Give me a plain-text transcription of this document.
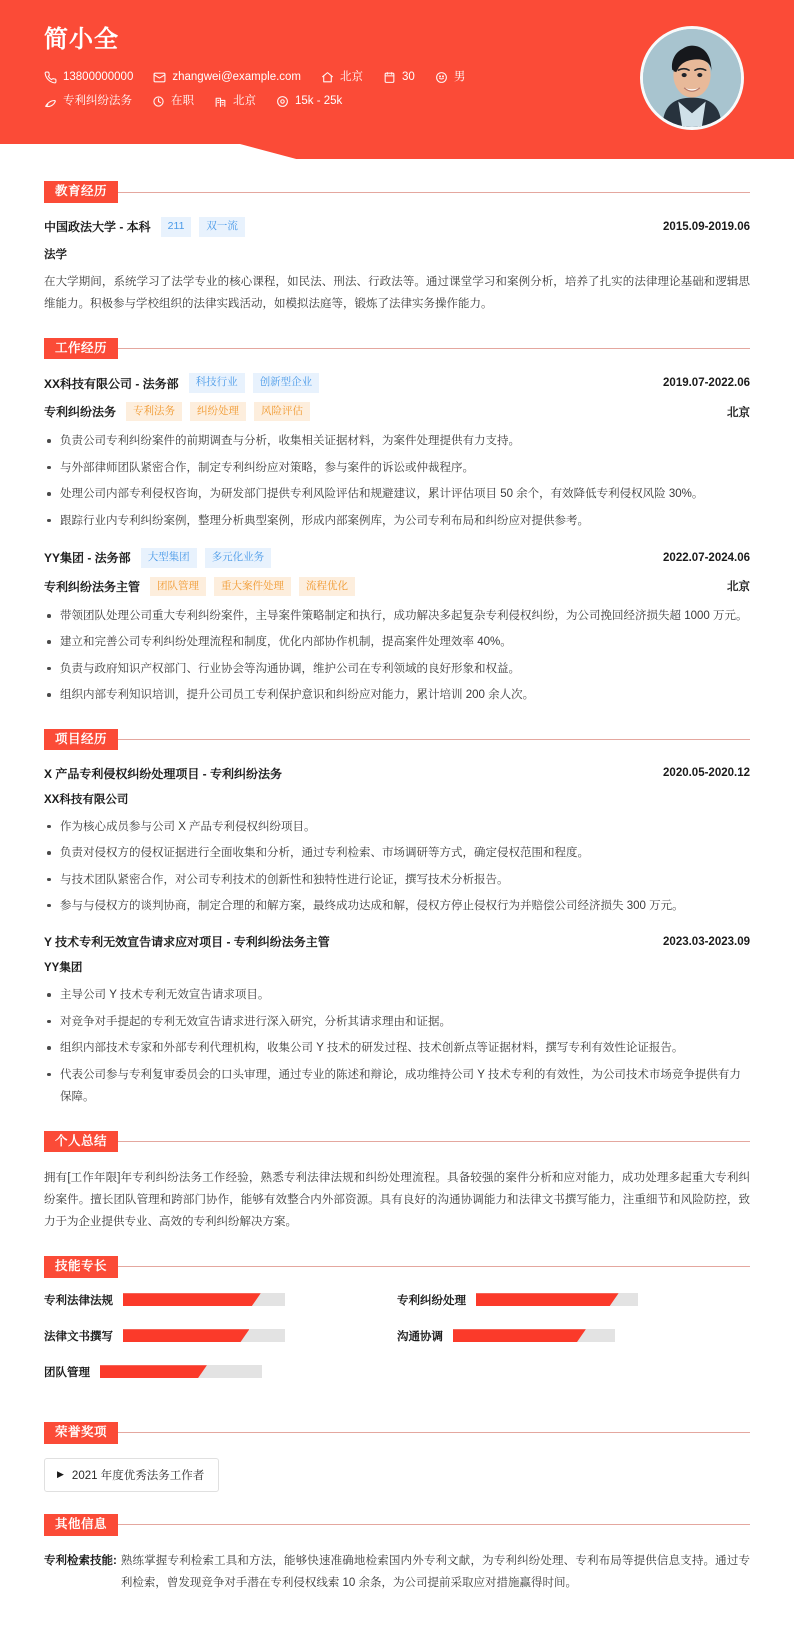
简小全
13800000000	zhangwei@example.com	北京	30	男
专利纠纷法务	在职	北京	15k - 25k
教育经历
中国政法大学 - 本科	211	双一流	2015.09-2019.06
法学
在大学期间，系统学习了法学专业的核心课程，如民法、刑法、行政法等。通过课堂学习和案例分析，培养了扎实的法律理论基础和逻辑思维能力。积极参与学校组织的法律实践活动，如模拟法庭等，锻炼了法律实务操作能力。
工作经历
XX科技有限公司 - 法务部	科技行业	创新型企业	2019.07-2022.06
专利纠纷法务	专利法务	纠纷处理	风险评估	北京
负责公司专利纠纷案件的前期调查与分析，收集相关证据材料，为案件处理提供有力支持。
与外部律师团队紧密合作，制定专利纠纷应对策略，参与案件的诉讼或仲裁程序。
处理公司内部专利侵权咨询，为研发部门提供专利风险评估和规避建议，累计评估项目 50 余个，有效降低专利侵权风险 30%。
跟踪行业内专利纠纷案例，整理分析典型案例，形成内部案例库，为公司专利布局和纠纷应对提供参考。
YY集团 - 法务部	大型集团	多元化业务	2022.07-2024.06
专利纠纷法务主管	团队管理	重大案件处理	流程优化	北京
带领团队处理公司重大专利纠纷案件，主导案件策略制定和执行，成功解决多起复杂专利侵权纠纷，为公司挽回经济损失超 1000 万元。
建立和完善公司专利纠纷处理流程和制度，优化内部协作机制，提高案件处理效率 40%。
负责与政府知识产权部门、行业协会等沟通协调，维护公司在专利领域的良好形象和权益。
组织内部专利知识培训，提升公司员工专利保护意识和纠纷应对能力，累计培训 200 余人次。
项目经历
X 产品专利侵权纠纷处理项目 - 专利纠纷法务	2020.05-2020.12
XX科技有限公司
作为核心成员参与公司 X 产品专利侵权纠纷项目。
负责对侵权方的侵权证据进行全面收集和分析，通过专利检索、市场调研等方式，确定侵权范围和程度。
与技术团队紧密合作，对公司专利技术的创新性和独特性进行论证，撰写技术分析报告。
参与与侵权方的谈判协商，制定合理的和解方案，最终成功达成和解，侵权方停止侵权行为并赔偿公司经济损失 300 万元。
Y 技术专利无效宣告请求应对项目 - 专利纠纷法务主管	2023.03-2023.09
YY集团
主导公司 Y 技术专利无效宣告请求项目。
对竞争对手提起的专利无效宣告请求进行深入研究，分析其请求理由和证据。
组织内部技术专家和外部专利代理机构，收集公司 Y 技术的研发过程、技术创新点等证据材料，撰写专利有效性论证报告。
代表公司参与专利复审委员会的口头审理，通过专业的陈述和辩论，成功维持公司 Y 技术专利的有效性，为公司技术市场竞争提供有力保障。
个人总结
拥有[工作年限]年专利纠纷法务工作经验，熟悉专利法律法规和纠纷处理流程。具备较强的案件分析和应对能力，成功处理多起重大专利纠纷案件。擅长团队管理和跨部门协作，能够有效整合内外部资源。具有良好的沟通协调能力和法律文书撰写能力，注重细节和风险防控，致力于为企业提供专业、高效的专利纠纷解决方案。
技能专长
专利法律法规	专利纠纷处理
法律文书撰写	沟通协调
团队管理
荣誉奖项
▶ 2021 年度优秀法务工作者
其他信息
专利检索技能: 熟练掌握专利检索工具和方法，能够快速准确地检索国内外专利文献，为专利纠纷处理、专利布局等提供信息支持。通过专利检索，曾发现竞争对手潜在专利侵权线索 10 余条，为公司提前采取应对措施赢得时间。
